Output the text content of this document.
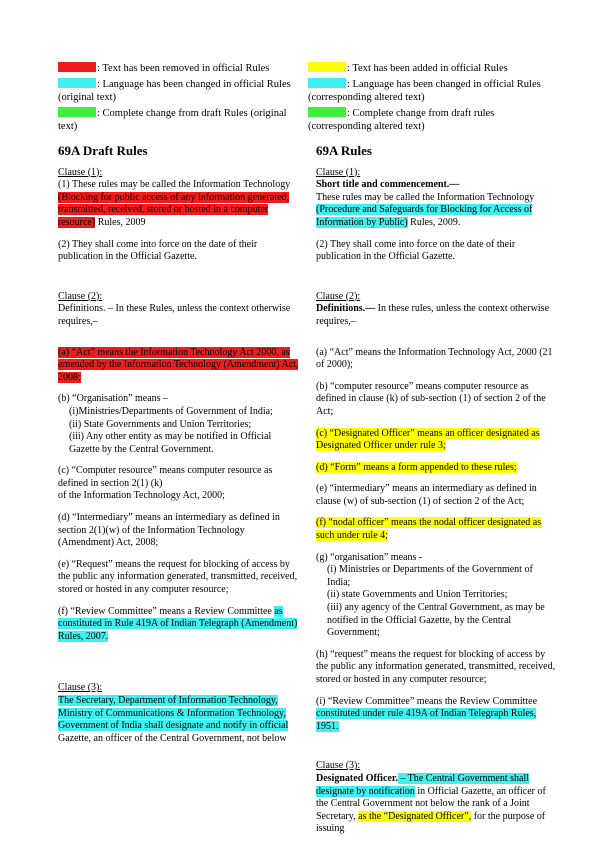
: Text has been removed in official Rules
: Language has been changed in official Rules (original text)
: Complete change from draft Rules (original text)
: Text has been added in official Rules
: Language has been changed in official Rules (corresponding altered text)
: Complete change from draft rules (corresponding altered text)
69A Draft Rules

Clause (1):

(1) These rules may be called the Information Technology (Blocking for public access of any information generated, transmitted, received, stored or hosted in a computer resource) Rules, 2009

(2) They shall come into force on the date of their publication in the Official Gazette.

Clause (2):

Definitions. – In these Rules, unless the context otherwise requires,–

(a) “Act” means the Information Technology Act 2000, as amended by the Information Technology (Amendment) Act, 2008;

(b) “Organisation” means –

(i)Ministries/Departments of Government of India;

(ii) State Governments and Union Territories;

(iii) Any other entity as may be notified in Official Gazette by the Central Government.

(c) “Computer resource” means computer resource as defined in section 2(1) (k)

of the Information Technology Act, 2000;

(d) “Intermediary” means an intermediary as defined in section 2(1)(w) of the Information Technology (Amendment) Act, 2008;

(e) “Request” means the request for blocking of access by the public any information generated, transmitted, received, stored or hosted in any computer resource;

(f) “Review Committee” means a Review Committee as constituted in Rule 419A of Indian Telegraph (Amendment) Rules, 2007.

Clause (3):

The Secretary, Department of Information Technology, Ministry of Communications & Information Technology, Government of India shall designate and notify in official Gazette, an officer of the Central Government, not below

69A Rules

Clause (1):

Short title and commencement.—

These rules may be called the Information Technology (Procedure and Safeguards for Blocking for Access of Information by Public) Rules, 2009.

(2) They shall come into force on the date of their publication in the Official Gazette.

Clause (2):

Definitions.— In these rules, unless the context otherwise requires,–

(a) “Act” means the Information Technology Act, 2000 (21 of 2000);

(b) “computer resource” means computer resource as defined in clause (k) of sub-section (1) of section 2 of the Act;

(c) “Designated Officer” means an officer designated as Designated Officer under rule 3;

(d) “Form” means a form appended to these rules;

(e) “intermediary” means an intermediary as defined in clause (w) of sub-section (1) of section 2 of the Act;

(f) “nodal officer” means the nodal officer designated as such under rule 4;

(g) “organisation” means -

(i) Ministries or Departments of the Government of India;

(ii) state Governments and Union Territories;

(iii) any agency of the Central Government, as may be notified in the Official Gazette, by the Central Government;

(h) “request” means the request for blocking of access by the public any information generated, transmitted, received, stored or hosted in any computer resource;

(i) “Review Committee” means the Review Committee constituted under rule 419A of Indian Telegraph Rules, 1951.

Clause (3):

Designated Officer. – The Central Government shall designate by notification in Official Gazette, an officer of the Central Government not below the rank of a Joint Secretary, as the “Designated Officer”, for the purpose of issuing
